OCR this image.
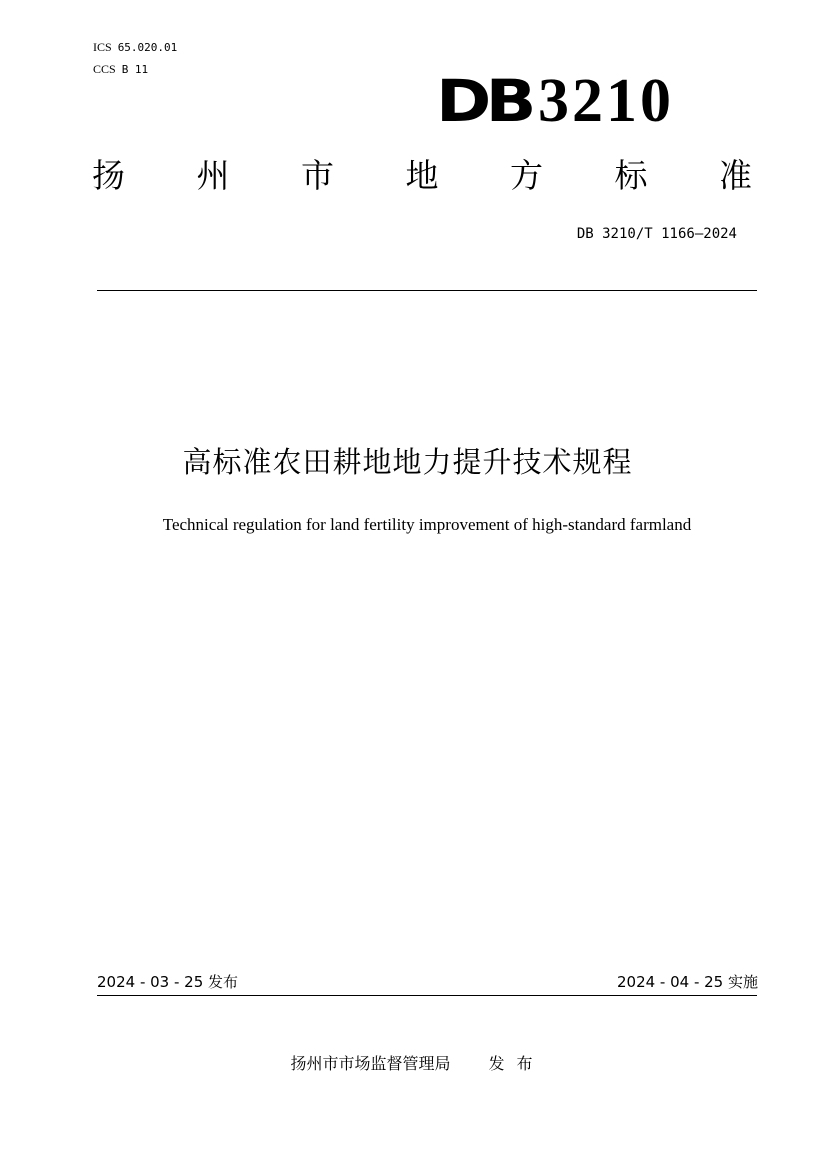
ICS 65.020.01
CCS B 11	DB 3210
扬 州 市 地 方 标 准
DB 3210/T 1166—2024
高标准农田耕地地力提升技术规程
Technical regulation for land fertility improvement of high-standard farmland
2024 - 03 - 25 发布	2024 - 04 - 25 实施
扬州市市场监督管理局 发布
